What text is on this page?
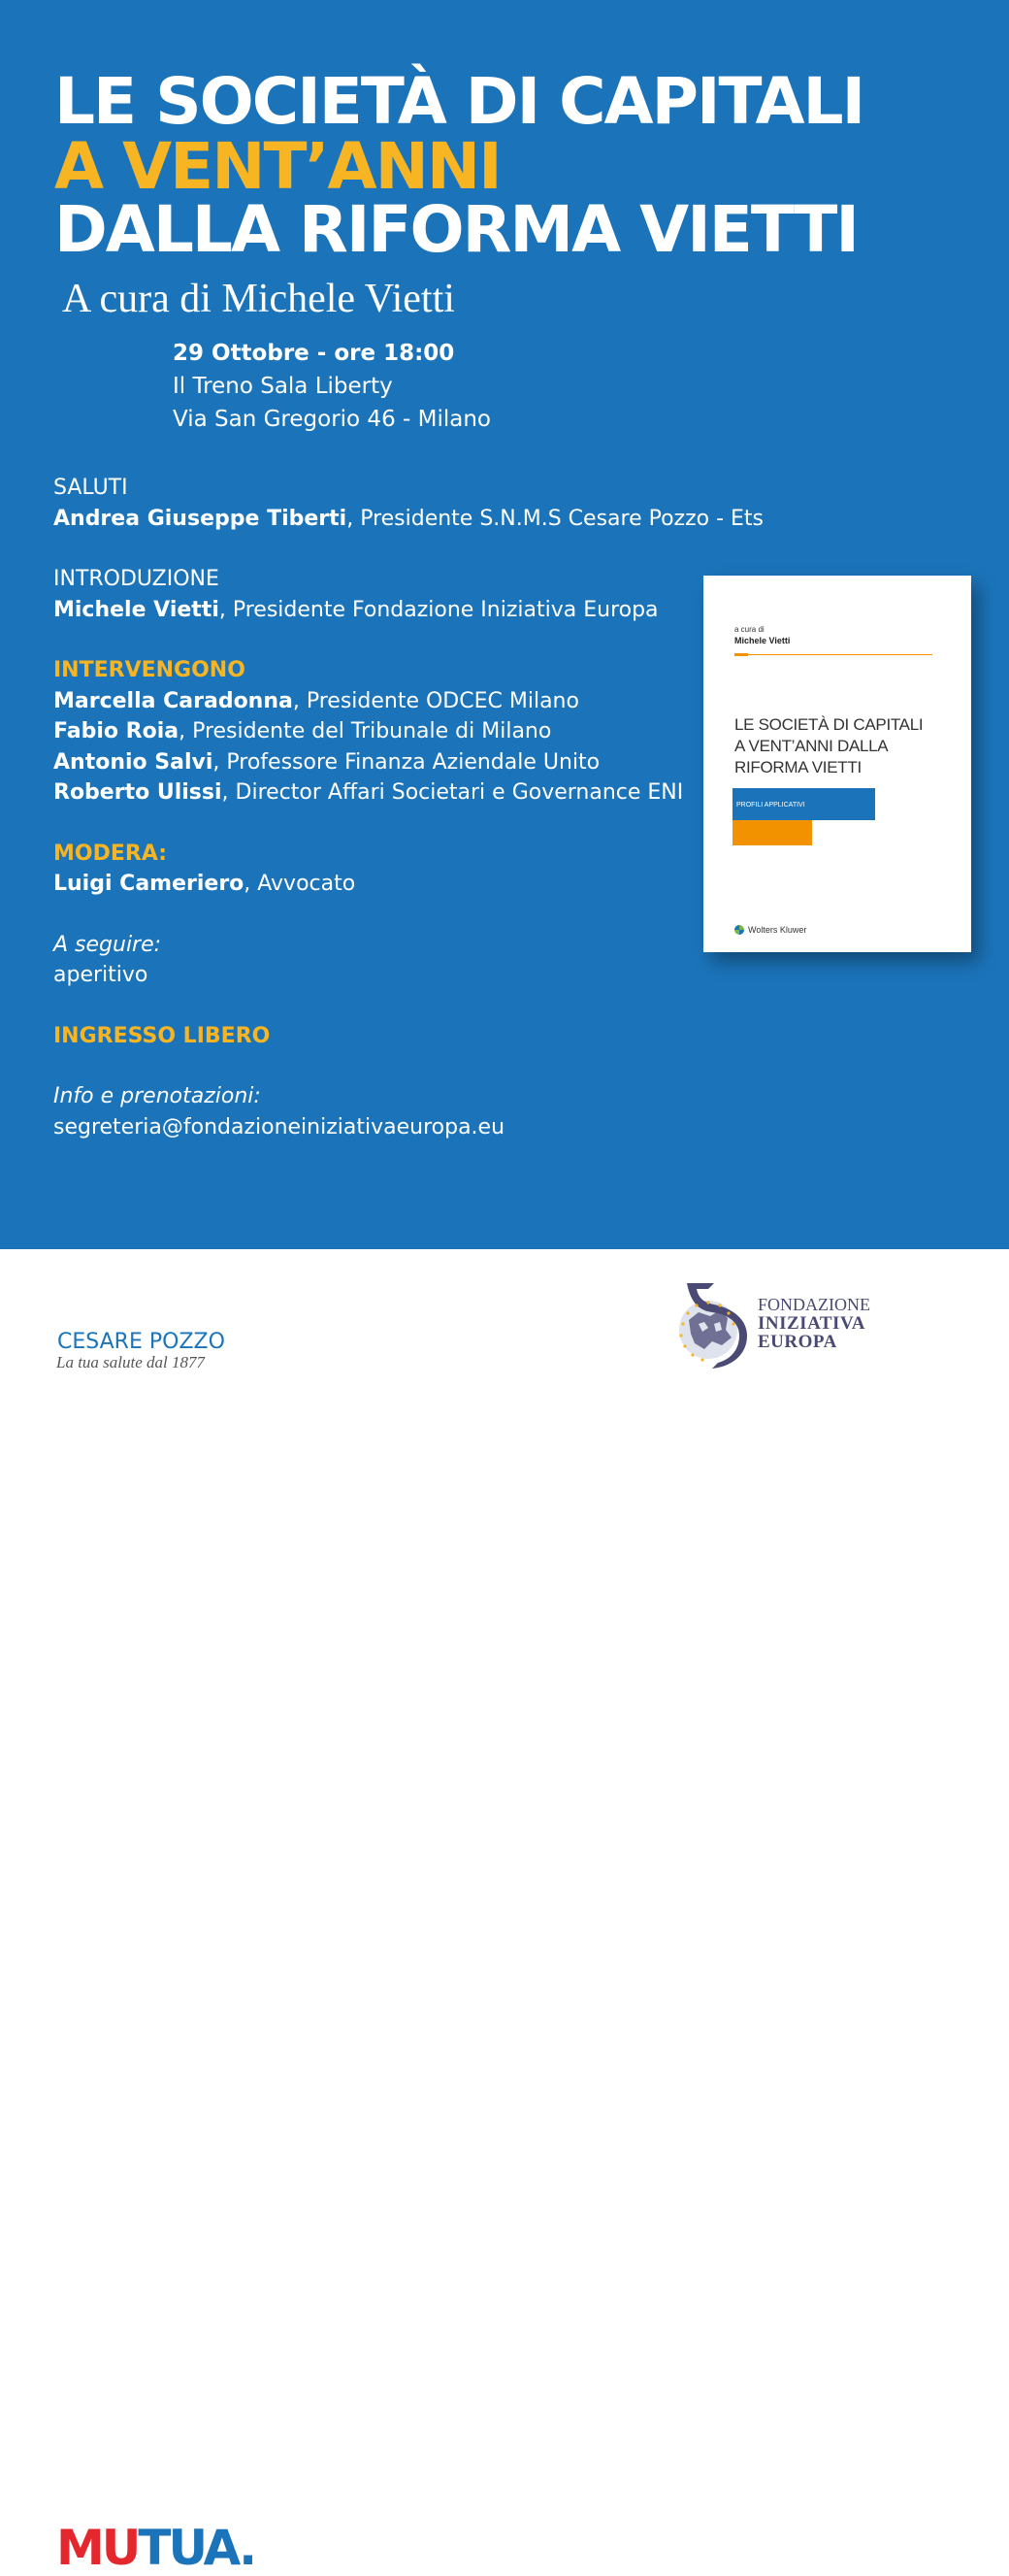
LE SOCIETÀ DI CAPITALI
A VENT’ANNI
DALLA RIFORMA VIETTI
A cura di Michele Vietti
29 Ottobre - ore 18:00
Il Treno Sala Liberty
Via San Gregorio 46 - Milano
SALUTI
Andrea Giuseppe Tiberti, Presidente S.N.M.S Cesare Pozzo - Ets
INTRODUZIONE
Michele Vietti, Presidente Fondazione Iniziativa Europa
INTERVENGONO
Marcella Caradonna, Presidente ODCEC Milano
Fabio Roia, Presidente del Tribunale di Milano
Antonio Salvi, Professore Finanza Aziendale Unito
Roberto Ulissi, Director Affari Societari e Governance ENI
MODERA:
Luigi Cameriero, Avvocato
A seguire:
aperitivo
INGRESSO LIBERO
Info e prenotazioni:
segreteria@fondazioneiniziativaeuropa.eu
a cura di
Michele Vietti
LE SOCIETÀ DI CAPITALI
A VENT’ANNI DALLA
RIFORMA VIETTI
PROFILI APPLICATIVI
Wolters Kluwer
MUTUA.
CESARE POZZO
La tua salute dal 1877
FONDAZIONE
INIZIATIVA
EUROPA
